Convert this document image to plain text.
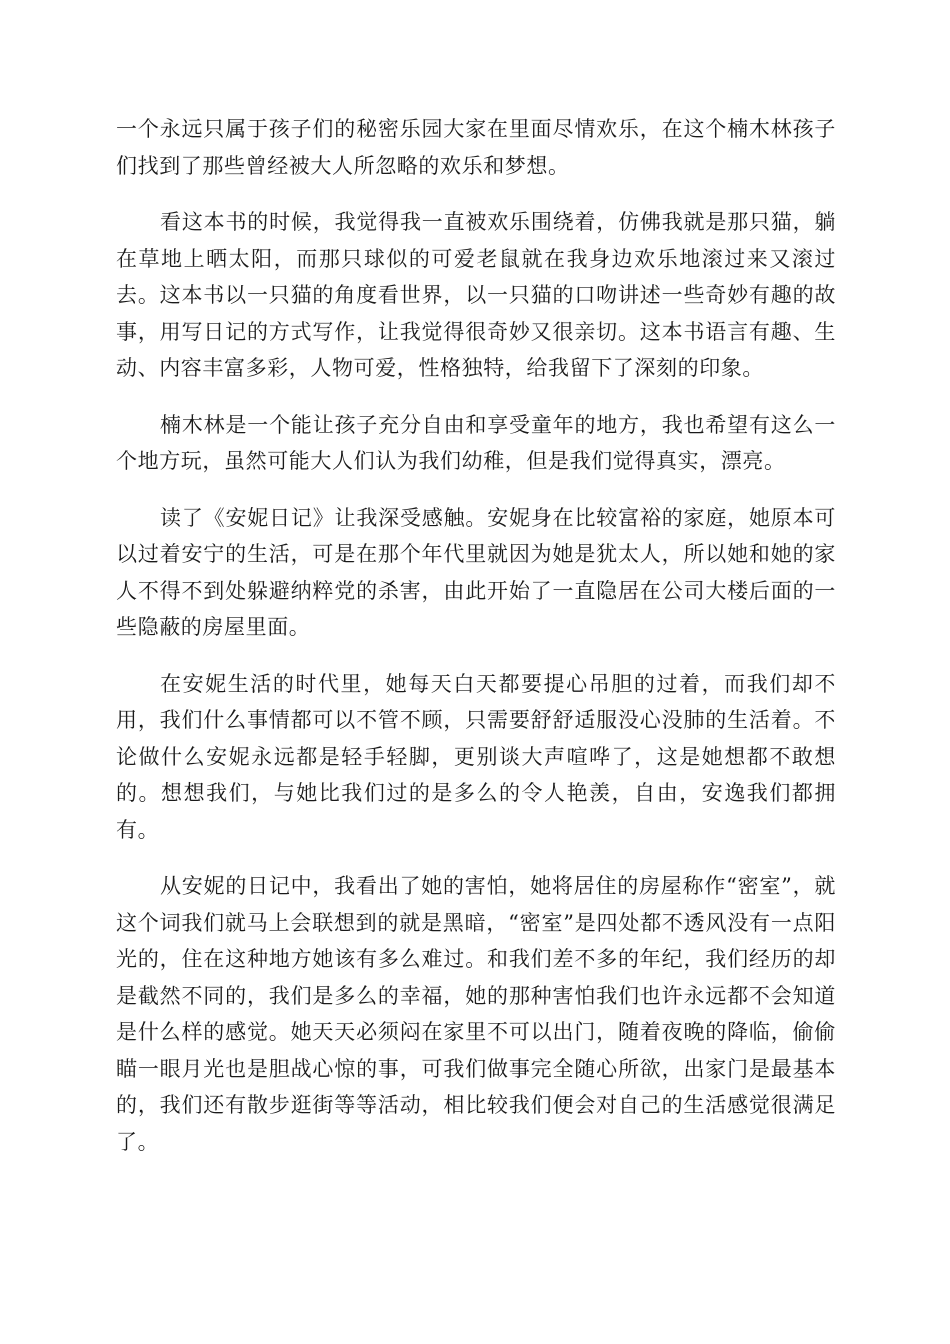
一个永远只属于孩子们的秘密乐园大家在里面尽情欢乐，在这个楠木林孩子们找到了那些曾经被大人所忽略的欢乐和梦想。

看这本书的时候，我觉得我一直被欢乐围绕着，仿佛我就是那只猫，躺在草地上晒太阳，而那只球似的可爱老鼠就在我身边欢乐地滚过来又滚过去。这本书以一只猫的角度看世界，以一只猫的口吻讲述一些奇妙有趣的故事，用写日记的方式写作，让我觉得很奇妙又很亲切。这本书语言有趣、生动、内容丰富多彩，人物可爱，性格独特，给我留下了深刻的印象。

楠木林是一个能让孩子充分自由和享受童年的地方，我也希望有这么一个地方玩，虽然可能大人们认为我们幼稚，但是我们觉得真实，漂亮。

读了《安妮日记》让我深受感触。安妮身在比较富裕的家庭，她原本可以过着安宁的生活，可是在那个年代里就因为她是犹太人，所以她和她的家人不得不到处躲避纳粹党的杀害，由此开始了一直隐居在公司大楼后面的一些隐蔽的房屋里面。

在安妮生活的时代里，她每天白天都要提心吊胆的过着，而我们却不用，我们什么事情都可以不管不顾，只需要舒舒适服没心没肺的生活着。不论做什么安妮永远都是轻手轻脚，更别谈大声喧哗了，这是她想都不敢想的。想想我们，与她比我们过的是多么的令人艳羡，自由，安逸我们都拥有。

从安妮的日记中，我看出了她的害怕，她将居住的房屋称作“密室”，就这个词我们就马上会联想到的就是黑暗，“密室”是四处都不透风没有一点阳光的，住在这种地方她该有多么难过。和我们差不多的年纪，我们经历的却是截然不同的，我们是多么的幸福，她的那种害怕我们也许永远都不会知道是什么样的感觉。她天天必须闷在家里不可以出门，随着夜晚的降临，偷偷瞄一眼月光也是胆战心惊的事，可我们做事完全随心所欲，出家门是最基本的，我们还有散步逛街等等活动，相比较我们便会对自己的生活感觉很满足了。
